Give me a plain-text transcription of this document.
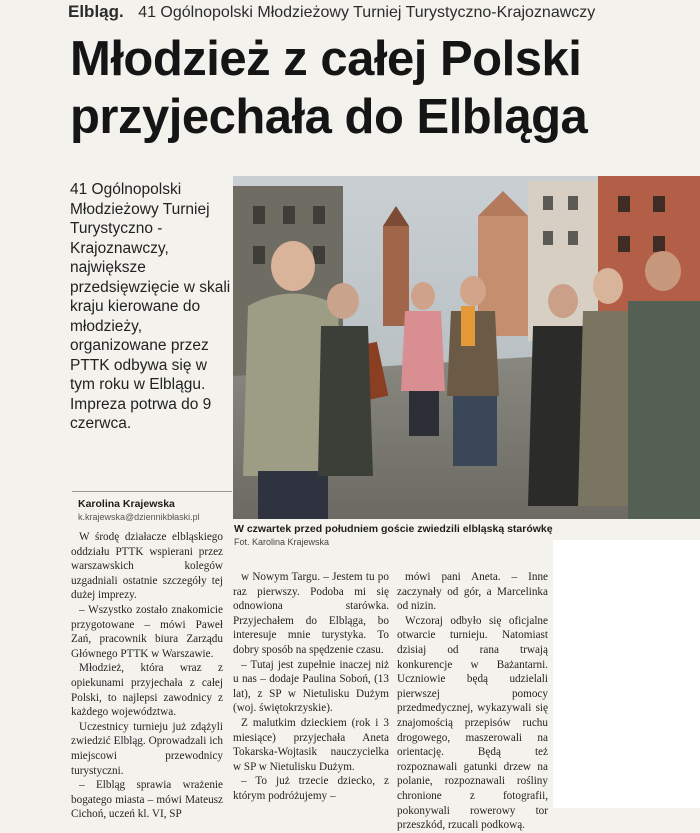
Elbląg. 41 Ogólnopolski Młodzieżowy Turniej Turystyczno-Krajoznawczy
Młodzież z całej Polski
przyjechała do Elbląga
41 Ogólnopolski Młodzieżowy Turniej Turystyczno - Krajoznawczy, największe przedsięwzięcie w skali kraju kierowane do młodzieży, organizowane przez PTTK odbywa się w tym roku w Elblągu. Impreza potrwa do 9 czerwca.
Karolina Krajewska
k.krajewska@dziennikbłaski.pl
W czwartek przed południem goście zwiedzili elbląską starówkę Fot. Karolina Krajewska

W środę działacze elbląskiego oddziału PTTK wspierani przez warszawskich kolegów uzgadniali ostatnie szczegóły tej dużej imprezy.

– Wszystko zostało znakomicie przygotowane – mówi Paweł Zań, pracownik biura Zarządu Głównego PTTK w Warszawie.

Młodzież, która wraz z opiekunami przyjechała z całej Polski, to najlepsi zawodnicy z każdego województwa.

Uczestnicy turnieju już zdążyli zwiedzić Elbląg. Oprowadzali ich miejscowi przewodnicy turystyczni.

– Elbląg sprawia wrażenie bogatego miasta – mówi Mateusz Cichoń, uczeń kl. VI, SP

w Nowym Targu. – Jestem tu po raz pierwszy. Podoba mi się odnowiona starówka. Przyjechałem do Elbląga, bo interesuje mnie turystyka. To dobry sposób na spędzenie czasu.

– Tutaj jest zupełnie inaczej niż u nas – dodaje Paulina Soboń, (13 lat), z SP w Nietulisku Dużym (woj. świętokrzyskie).

Z malutkim dzieckiem (rok i 3 miesiące) przyjechała Aneta Tokarska-Wojtasik nauczycielka w SP w Nietulisku Dużym.

– To już trzecie dziecko, z którym podróżujemy –

mówi pani Aneta. – Inne zaczynały od gór, a Marcelinka od nizin.

Wczoraj odbyło się oficjalne otwarcie turnieju. Natomiast dzisiaj od rana trwają konkurencje w Bażantarni. Uczniowie będą udzielali pierwszej pomocy przedmedycznej, wykazywali się znajomością przepisów ruchu drogowego, maszerowali na orientację. Będą też rozpoznawali gatunki drzew na polanie, rozpoznawali rośliny chronione z fotografii, pokonywali rowerowy tor przeszkód, rzucali podkową.
